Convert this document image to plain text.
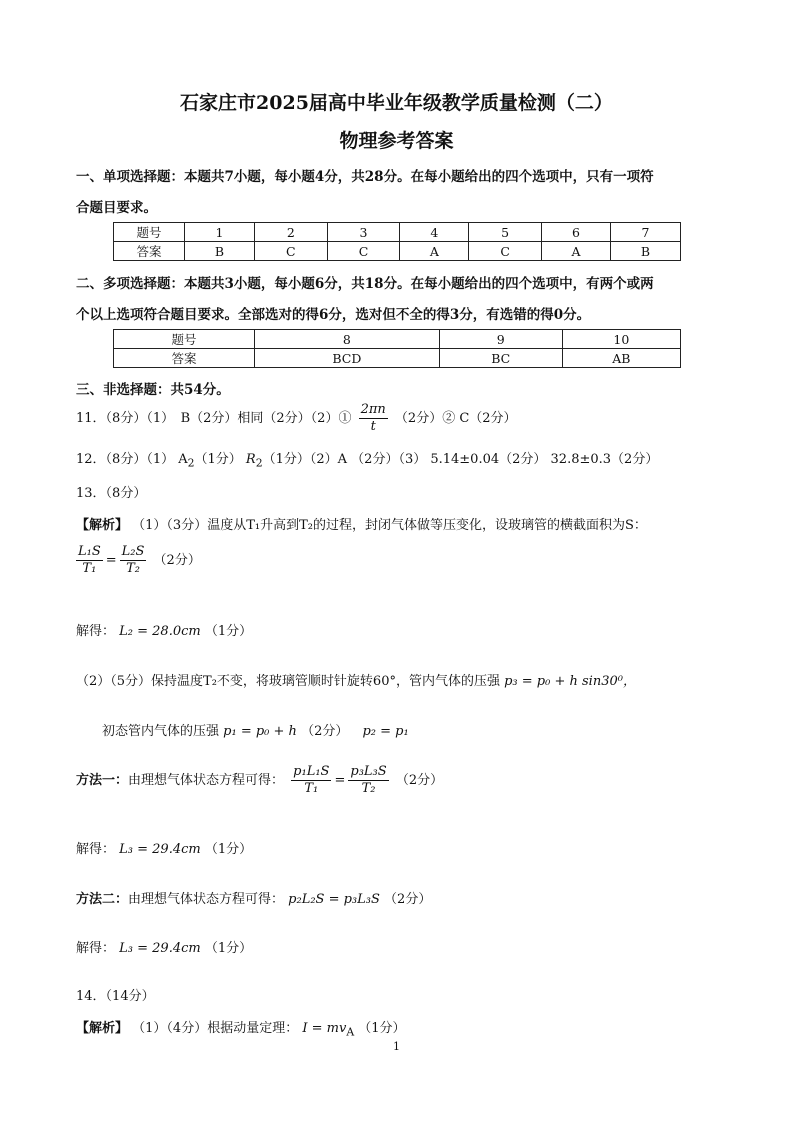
石家庄市2025届高中毕业年级教学质量检测（二）
物理参考答案
一、单项选择题：本题共7小题，每小题4分，共28分。在每小题给出的四个选项中，只有一项符
合题目要求。
题号	1	2	3	4	5	6	7
答案	B	C	C	A	C	A	B
二、多项选择题：本题共3小题，每小题6分，共18分。在每小题给出的四个选项中，有两个或两
个以上选项符合题目要求。全部选对的得6分，选对但不全的得3分，有选错的得0分。
题号	8	9	10
答案	BCD	BC	AB
三、非选择题：共54分。
11．（8分）（1）　B（2分）相同（2分）（2）① $\frac{2\pi n}{t} (2$分）② C（2分）
12．（8分）（1） $A_2(1$分） $R_2(1$分）（2）A （2分）（3） 5.14±0.04（2分） 32.8±0.3（2分）
13．（8分）
【解析】 （1）（3分）温度从T₁升高到T₂的过程，封闭气体做等压变化，设玻璃管的横截面积为S：
$\frac{\text{L₁S}}{\text{T₁}} = \frac{\text{L₂S}}{\text{T₂}} (2$分）
解得： L₂ = 28.0cm （1分）
（2）（5分）保持温度T₂不变，将玻璃管顺时针旋转60°，管内气体的压强 p₃ = p₀ + h sin30⁰，
初态管内气体的压强 p₁ = p₀ + h （2分） p₂ = p₁
方法一：由理想气体状态方程可得： $\frac{\text{p₁L₁S}}{\text{T₁}} = \frac{\text{p₃L₃S}}{\text{T₂}} (2$分）
解得： L₃ = 29.4cm （1分）
方法二：由理想气体状态方程可得： p₂L₂S = p₃L₃S （2分）
解得： L₃ = 29.4cm （1分）
14．（14分）
【解析】 （1）（4分）根据动量定理： $I = mv_A$ （1分）
1
